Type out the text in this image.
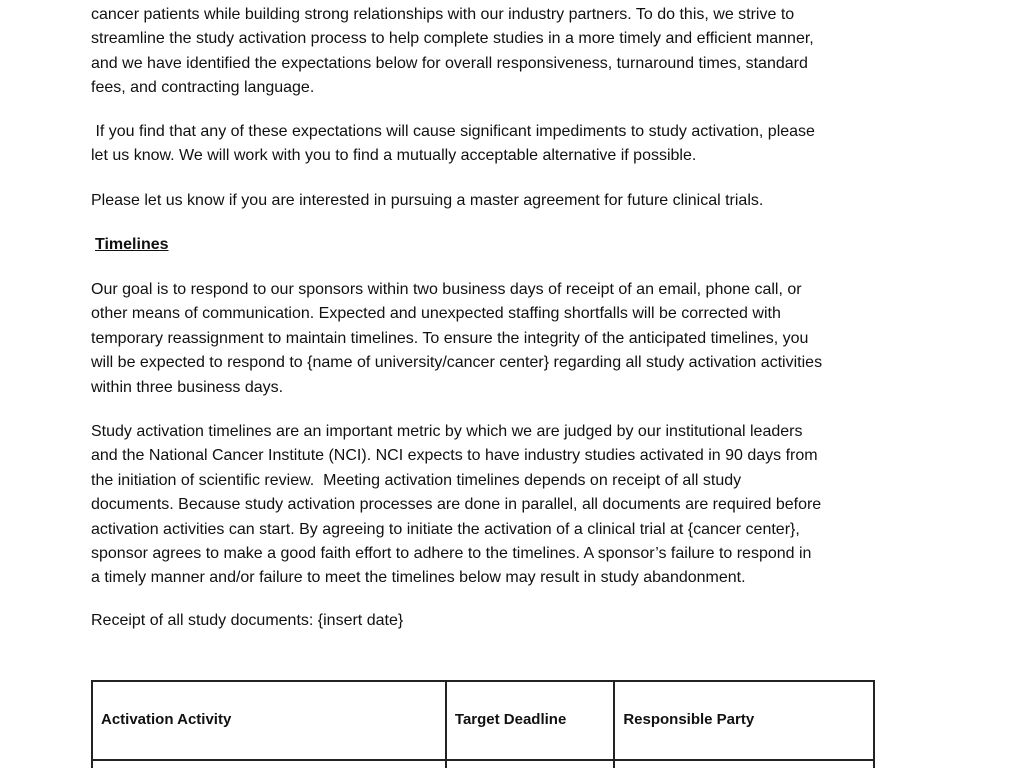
cancer patients while building strong relationships with our industry partners. To do this, we strive to
streamline the study activation process to help complete studies in a more timely and efficient manner,
and we have identified the expectations below for overall responsiveness, turnaround times, standard
fees, and contracting language.

If you find that any of these expectations will cause significant impediments to study activation, please
let us know. We will work with you to find a mutually acceptable alternative if possible.

Please let us know if you are interested in pursuing a master agreement for future clinical trials.

Timelines

Our goal is to respond to our sponsors within two business days of receipt of an email, phone call, or
other means of communication. Expected and unexpected staffing shortfalls will be corrected with
temporary reassignment to maintain timelines. To ensure the integrity of the anticipated timelines, you
will be expected to respond to {name of university/cancer center} regarding all study activation activities
within three business days.

Study activation timelines are an important metric by which we are judged by our institutional leaders
and the National Cancer Institute (NCI). NCI expects to have industry studies activated in 90 days from
the initiation of scientific review.  Meeting activation timelines depends on receipt of all study
documents. Because study activation processes are done in parallel, all documents are required before
activation activities can start. By agreeing to initiate the activation of a clinical trial at {cancer center},
sponsor agrees to make a good faith effort to adhere to the timelines. A sponsor’s failure to respond in
a timely manner and/or failure to meet the timelines below may result in study abandonment.

Receipt of all study documents: {insert date}

Activation Activity	Target Deadline	Responsible Party
